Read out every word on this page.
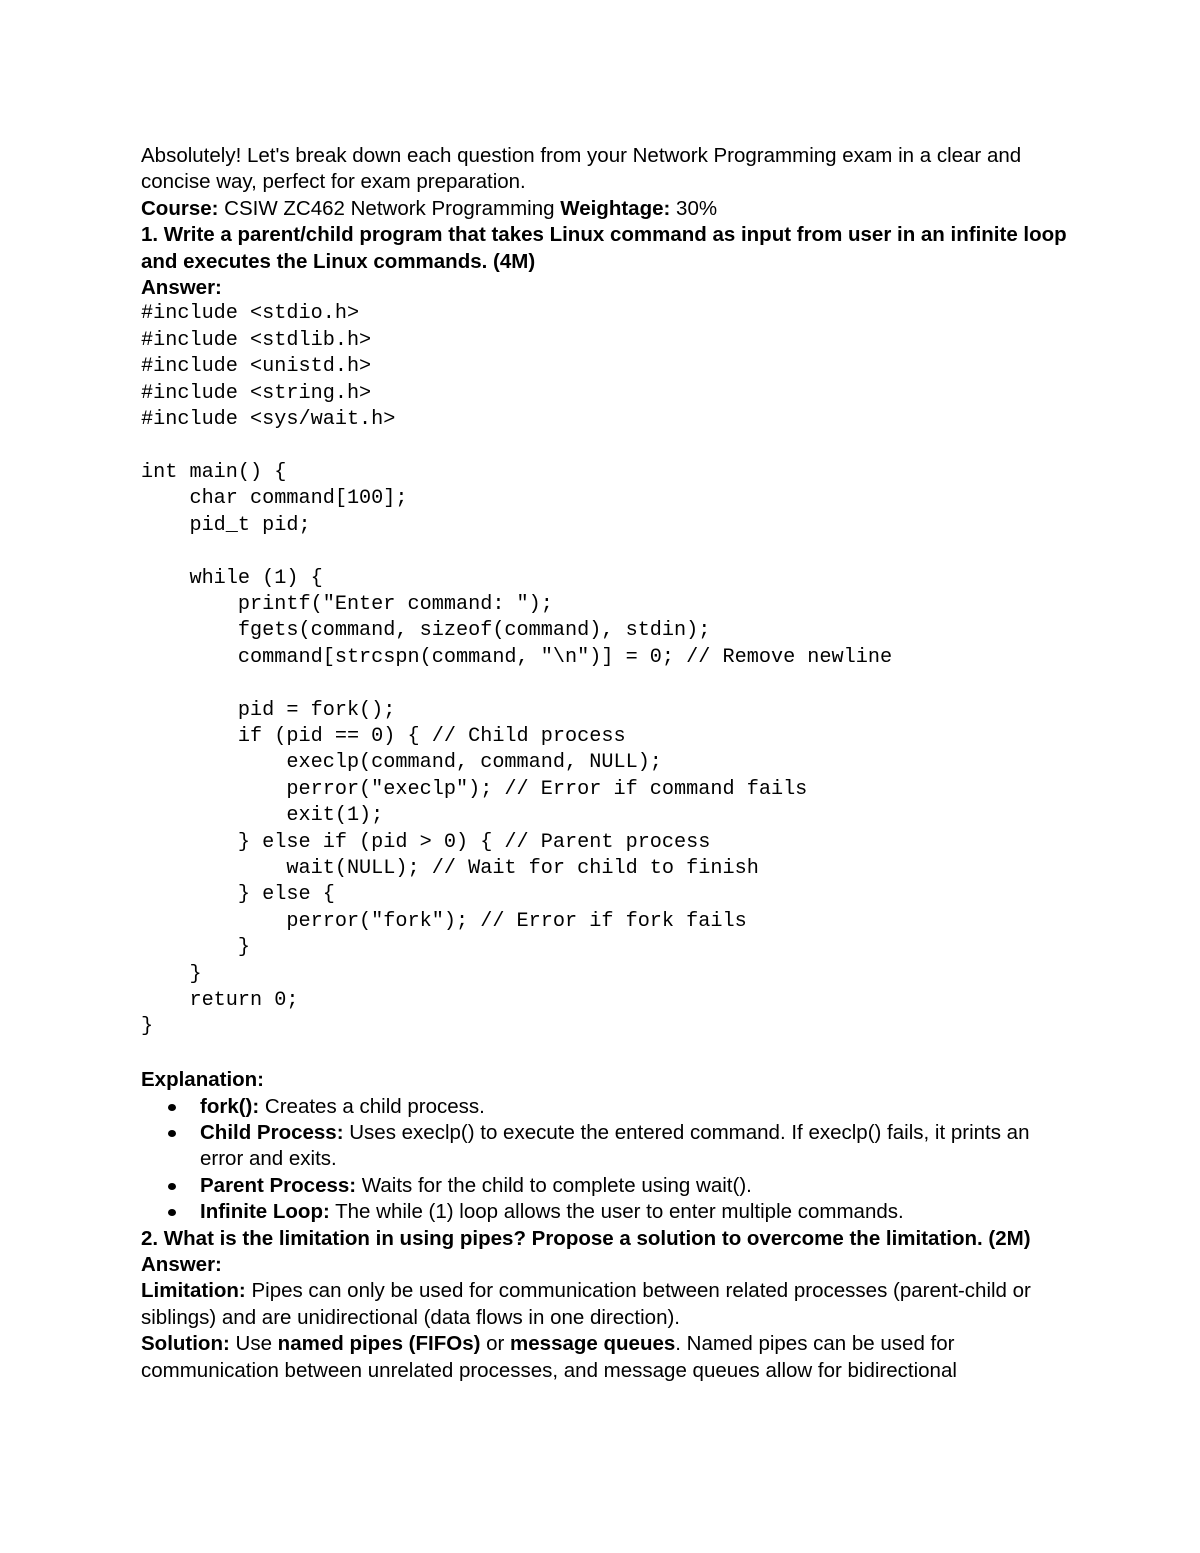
Absolutely! Let's break down each question from your Network Programming exam in a clear and concise way, perfect for exam preparation.

Course: CSIW ZC462 Network Programming Weightage: 30%

1. Write a parent/child program that takes Linux command as input from user in an infinite loop and executes the Linux commands. (4M)

Answer:

#include <stdio.h>
#include <stdlib.h>
#include <unistd.h>
#include <string.h>
#include <sys/wait.h>

int main() {
char command[100];
pid_t pid;

while (1) {
printf("Enter command: ");
fgets(command, sizeof(command), stdin);
command[strcspn(command, "\n")] = 0; // Remove newline

pid = fork();
if (pid == 0) { // Child process
execlp(command, command, NULL);
perror("execlp"); // Error if command fails
exit(1);
} else if (pid > 0) { // Parent process
wait(NULL); // Wait for child to finish
} else {
perror("fork"); // Error if fork fails
}
}
return 0;
}

Explanation:

fork(): Creates a child process.
Child Process: Uses execlp() to execute the entered command. If execlp() fails, it prints an error and exits.
Parent Process: Waits for the child to complete using wait().
Infinite Loop: The while (1) loop allows the user to enter multiple commands.

2. What is the limitation in using pipes? Propose a solution to overcome the limitation. (2M)

Answer:

Limitation: Pipes can only be used for communication between related processes (parent-child or siblings) and are unidirectional (data flows in one direction).

Solution: Use named pipes (FIFOs) or message queues. Named pipes can be used for communication between unrelated processes, and message queues allow for bidirectional
